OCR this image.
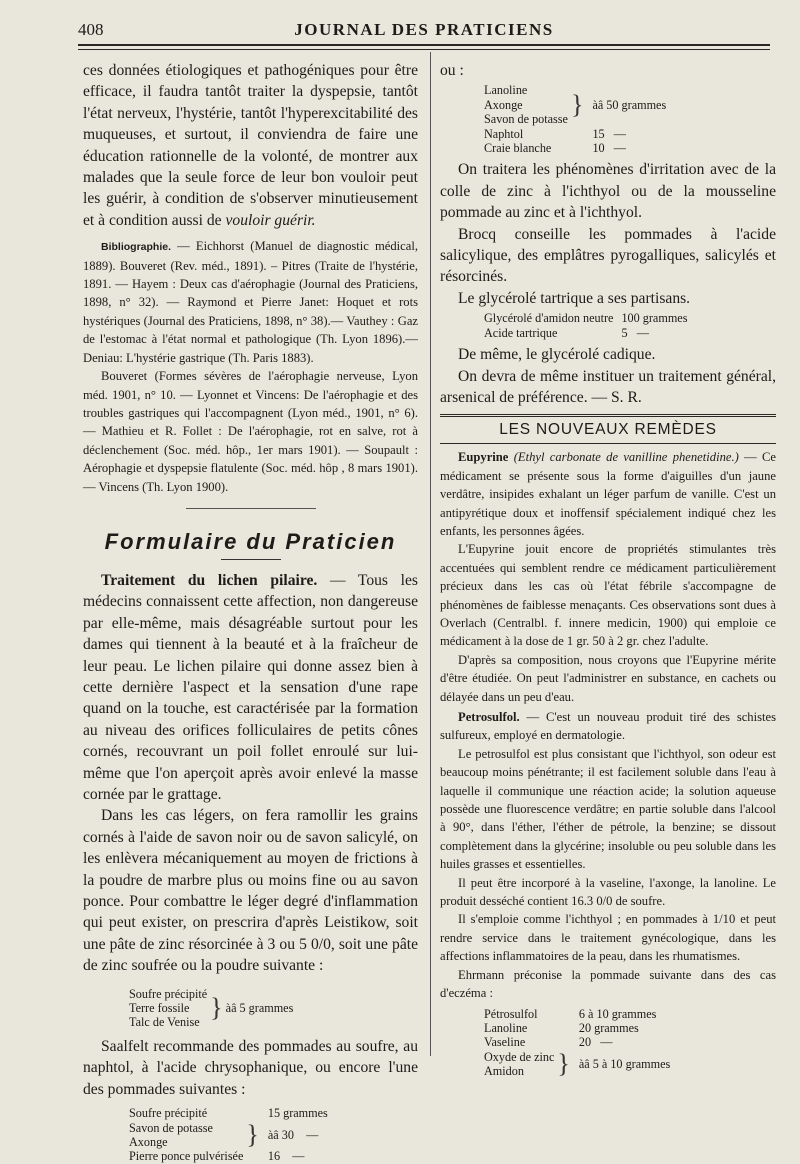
408	JOURNAL DES PRATICIENS

ces données étiologiques et pathogéniques pour être efficace, il faudra tantôt traiter la dyspepsie, tantôt l'état nerveux, l'hystérie, tantôt l'hyperexcitabilité des muqueuses, et surtout, il conviendra de faire une éducation rationnelle de la volonté, de montrer aux malades que la seule force de leur bon vouloir peut les guérir, à condition de s'observer minutieusement et à condition aussi de vouloir guérir.

Bibliographie. — Eichhorst (Manuel de diagnostic médical, 1889). Bouveret (Rev. méd., 1891). – Pitres (Traite de l'hystérie, 1891. — Hayem : Deux cas d'aérophagie (Journal des Praticiens, 1898, n° 32). — Raymond et Pierre Janet: Hoquet et rots hystériques (Journal des Praticiens, 1898, n° 38).— Vauthey : Gaz de l'estomac à l'état normal et pathologique (Th. Lyon 1896).— Deniau: L'hystérie gastrique (Th. Paris 1883).

Bouveret (Formes sévères de l'aérophagie nerveuse, Lyon méd. 1901, n° 10. — Lyonnet et Vincens: De l'aérophagie et des troubles gastriques qui l'accompagnent (Lyon méd., 1901, n° 6). — Mathieu et R. Follet : De l'aérophagie, rot en salve, rot à déclenchement (Soc. méd. hôp., 1er mars 1901). — Soupault : Aérophagie et dyspepsie flatulente (Soc. méd. hôp , 8 mars 1901). — Vincens (Th. Lyon 1900).

Formulaire du Praticien

Traitement du lichen pilaire. — Tous les médecins connaissent cette affection, non dangereuse par elle-même, mais désagréable surtout pour les dames qui tiennent à la beauté et à la fraîcheur de leur peau. Le lichen pilaire qui donne assez bien à cette dernière l'aspect et la sensation d'une rape quand on la touche, est caractérisée par la formation au niveau des orifices folliculaires de petits cônes cornés, recouvrant un poil follet enroulé sur lui-même que l'on aperçoit après avoir enlevé la masse cornée par le grattage.

Dans les cas légers, on fera ramollir les grains cornés à l'aide de savon noir ou de savon salicylé, on les enlèvera mécaniquement au moyen de frictions à la poudre de marbre plus ou moins fine ou au savon ponce. Pour combattre le léger degré d'inflammation qui peut exister, on prescrira d'après Leistikow, soit une pâte de zinc résorcinée à 3 ou 5 0/0, soit une pâte de zinc soufrée ou la poudre suivante :

Soufre précipité	}	àâ 5 grammes
Terre fossile
Talc de Venise

Saalfelt recommande des pommades au soufre, au naphtol, à l'acide chrysophanique, ou encore l'une des pommades suivantes :

Soufre précipité		15 grammes
Savon de potasse	}	àâ 30 —
Axonge		
Pierre ponce pulvérisée		16 —

ou :

Lanoline	}	àâ 50 grammes
Axonge		
Savon de potasse		
Naphtol		15 —
Craie blanche		10 —

On traitera les phénomènes d'irritation avec de la colle de zinc à l'ichthyol ou de la mousseline pommade au zinc et à l'ichthyol.

Brocq conseille les pommades à l'acide salicylique, des emplâtres pyrogalliques, salicylés et résorcinés.

Le glycérolé tartrique a ses partisans.

Glycérolé d'amidon neutre	100 grammes
Acide tartrique	5 —

De même, le glycérolé cadique.

On devra de même instituer un traitement général, arsenical de préférence. — S. R.

LES NOUVEAUX REMÈDES

Eupyrine (Ethyl carbonate de vanilline phenetidine.) — Ce médicament se présente sous la forme d'aiguilles d'un jaune verdâtre, insipides exhalant un léger parfum de vanille. C'est un antipyrétique doux et inoffensif spécialement indiqué chez les enfants, les personnes âgées.

L'Eupyrine jouit encore de propriétés stimulantes très accentuées qui semblent rendre ce médicament particulièrement précieux dans les cas où l'état fébrile s'accompagne de phénomènes de faiblesse menaçants. Ces observations sont dues à Overlach (Centralbl. f. innere medicin, 1900) qui emploie ce médicament à la dose de 1 gr. 50 à 2 gr. chez l'adulte.

D'après sa composition, nous croyons que l'Eupyrine mérite d'être étudiée. On peut l'administrer en substance, en cachets ou délayée dans un peu d'eau.

Petrosulfol. — C'est un nouveau produit tiré des schistes sulfureux, employé en dermatologie.

Le petrosulfol est plus consistant que l'ichthyol, son odeur est beaucoup moins pénétrante; il est facilement soluble dans l'eau à laquelle il communique une réaction acide; la solution aqueuse possède une fluorescence verdâtre; en partie soluble dans l'alcool à 90°, dans l'éther, l'éther de pétrole, la benzine; se dissout complètement dans la glycérine; insoluble ou peu soluble dans les huiles grasses et essentielles.

Il peut être incorporé à la vaseline, l'axonge, la lanoline. Le produit desséché contient 16.3 0/0 de soufre.

Il s'emploie comme l'ichthyol ; en pommades à 1/10 et peut rendre service dans le traitement gynécologique, dans les affections inflammatoires de la peau, dans les rhumatismes.

Ehrmann préconise la pommade suivante dans des cas d'eczéma :

Pétrosulfol		6 à 10 grammes
Lanoline		20 grammes
Vaseline		20 —
Oxyde de zinc	}	àâ 5 à 10 grammes
Amidon		
